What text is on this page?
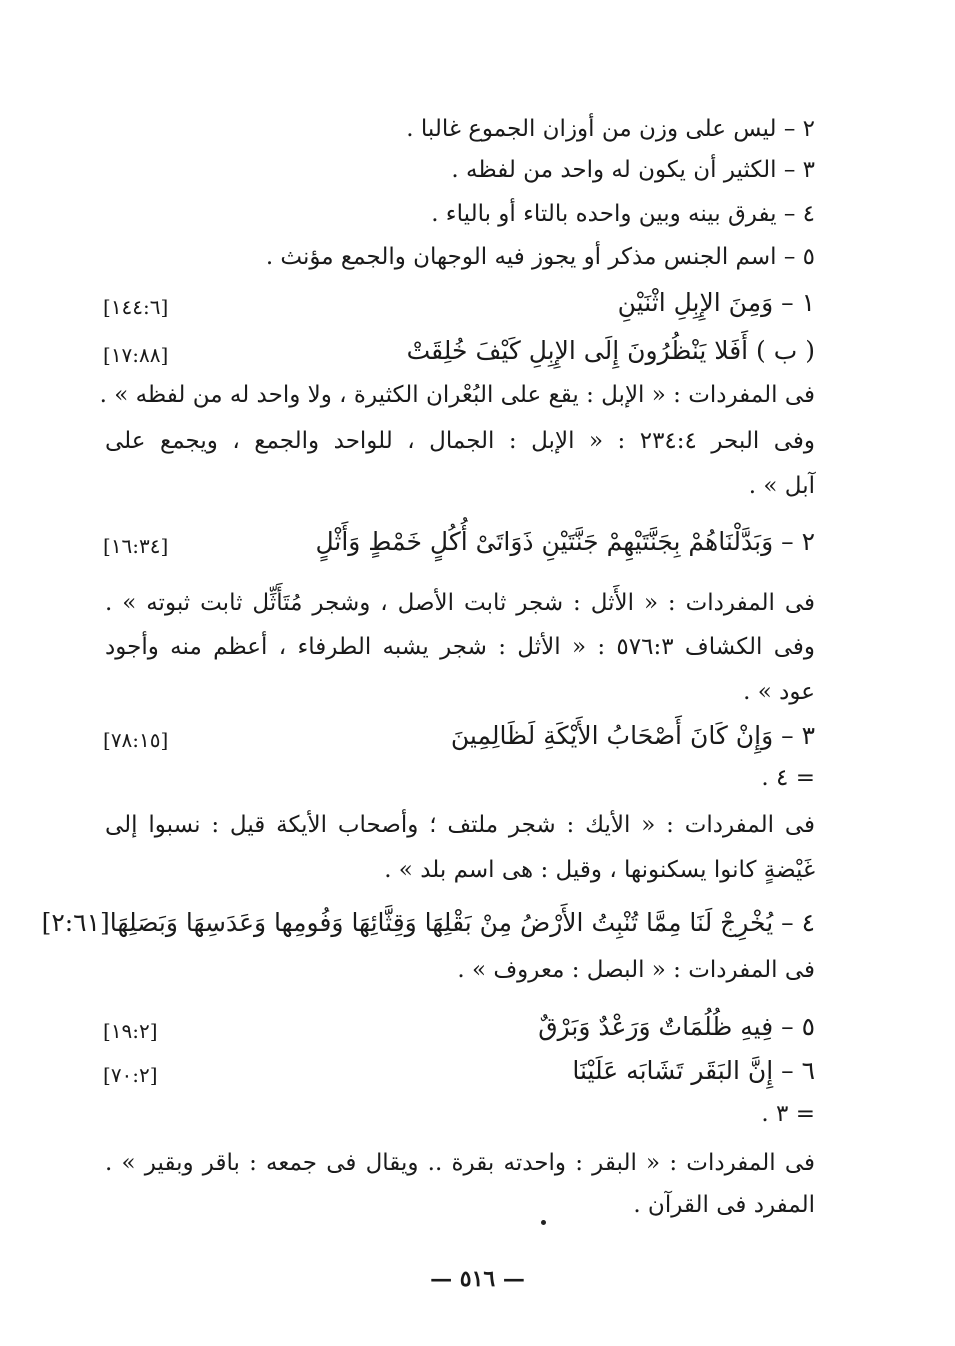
٢ – ليس على وزن من أوزان الجموع غالبا .
٣ – الكثير أن يكون له واحد من لفظه .
٤ – يفرق بينه وبين واحده بالتاء أو بالياء .
٥ – اسم الجنس مذكر أو يجوز فيه الوجهان والجمع مؤنث .
١ – وَمِنَ الإِبِلِ اثْنَيْنِ
[١٤٤:٦]
( ب ) أَفَلا يَنْظُرُونَ إِلَى الإِبِلِ كَيْفَ خُلِقَتْ
[١٧:٨٨]
فى المفردات : « الإبل : يقع على البُعْران الكثيرة ، ولا واحد له من لفظه » .
وفى البحر ٢٣٤:٤ : « الإبل : الجمال ، للواحد والجمع ، ويجمع على
آبل » .
٢ – وَبَدَّلْنَاهُمْ بِجَنَّتَيْهِمْ جَنَّتَيْنِ ذَوَاتَىْ أُكُلٍ خَمْطٍ وَأَثْلٍ
[١٦:٣٤]
فى المفردات : « الأَثل : شجر ثابت الأصل ، وشجر مُتَأَثِّل ثابت ثبوته » .
وفى الكشاف ٥٧٦:٣ : « الأثل : شجر يشبه الطرفاء ، أعظم منه وأجود
عود » .
٣ – وَإِنْ كَانَ أَصْحَابُ الأَيْكَةِ لَظَالِمِينَ
[٧٨:١٥]
= ٤ .
فى المفردات : « الأيك : شجر ملتف ؛ وأصحاب الأيكة قيل : نسبوا إلى
غَيْضةٍ كانوا يسكنونها ، وقيل : هى اسم بلد » .
٤ – يُخْرِجْ لَنَا مِمَّا تُنْبِتُ الأَرْضُ مِنْ بَقْلِهَا وَقِثَّائِهَا وَفُومِها وَعَدَسِهَا وَبَصَلِهَا[٢:٦١]
فى المفردات : « البصل : معروف » .
٥ – فِيهِ ظُلُمَاتٌ وَرَعْدٌ وَبَرْقٌ
[١٩:٢]
٦ – إِنَّ البَقَر تَشَابَه عَلَيْنَا
[٧٠:٢]
= ٣ .
فى المفردات : « البقر : واحدته بقرة .. ويقال فى جمعه : باقر وبقير » .
المفرد فى القرآن .
— ٥١٦ —
